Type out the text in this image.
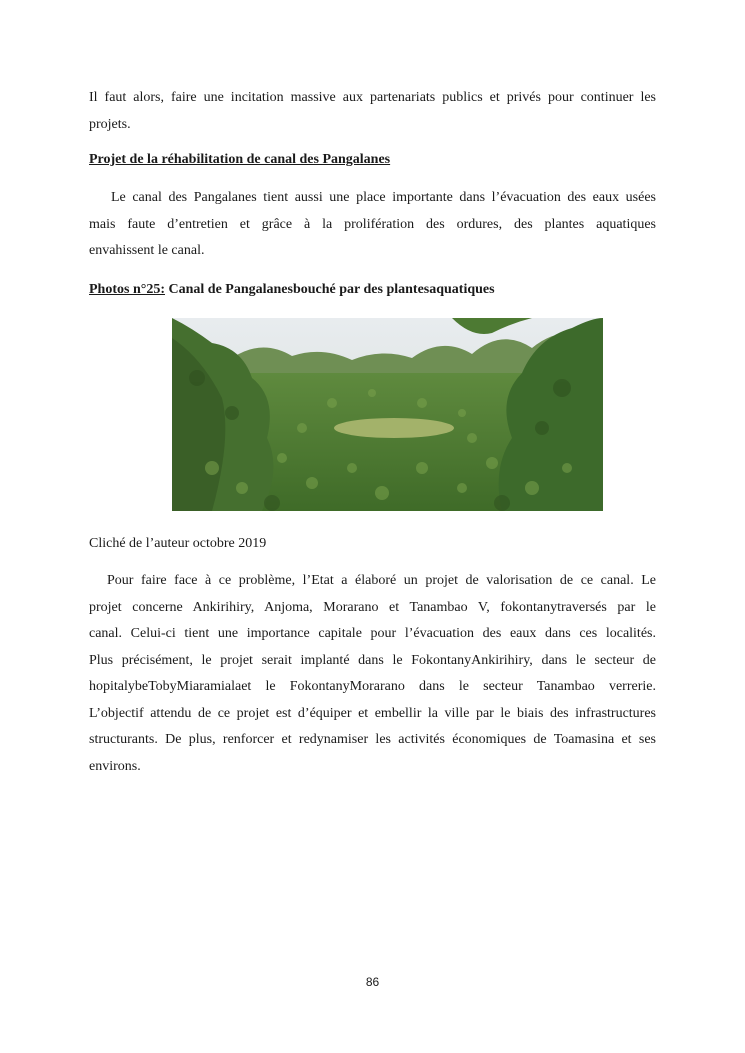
Il faut alors, faire une incitation massive aux partenariats publics et privés pour continuer les
projets.
Projet de la réhabilitation de canal des Pangalanes
Le canal des Pangalanes tient aussi une place importante dans l’évacuation des eaux usées
mais faute d’entretien et grâce à la prolifération des ordures, des plantes aquatiques
envahissent le canal.
Photos n°25: Canal de Pangalanesbouché par des plantesaquatiques
Cliché de l’auteur octobre 2019
Pour faire face à ce problème, l’Etat a élaboré un projet de valorisation de ce canal. Le
projet concerne Ankirihiry, Anjoma, Morarano et Tanambao V, fokontanytraversés par le
canal. Celui-ci tient une importance capitale pour l’évacuation des eaux dans ces localités.
Plus précisément, le projet serait implanté dans le FokontanyAnkirihiry, dans le secteur de
hopitalybeTobyMiaramialaet le FokontanyMorarano dans le secteur Tanambao verrerie.
L’objectif attendu de ce projet est d’équiper et embellir la ville par le biais des infrastructures
structurants. De plus, renforcer et redynamiser les activités économiques de Toamasina et ses
environs.
86
